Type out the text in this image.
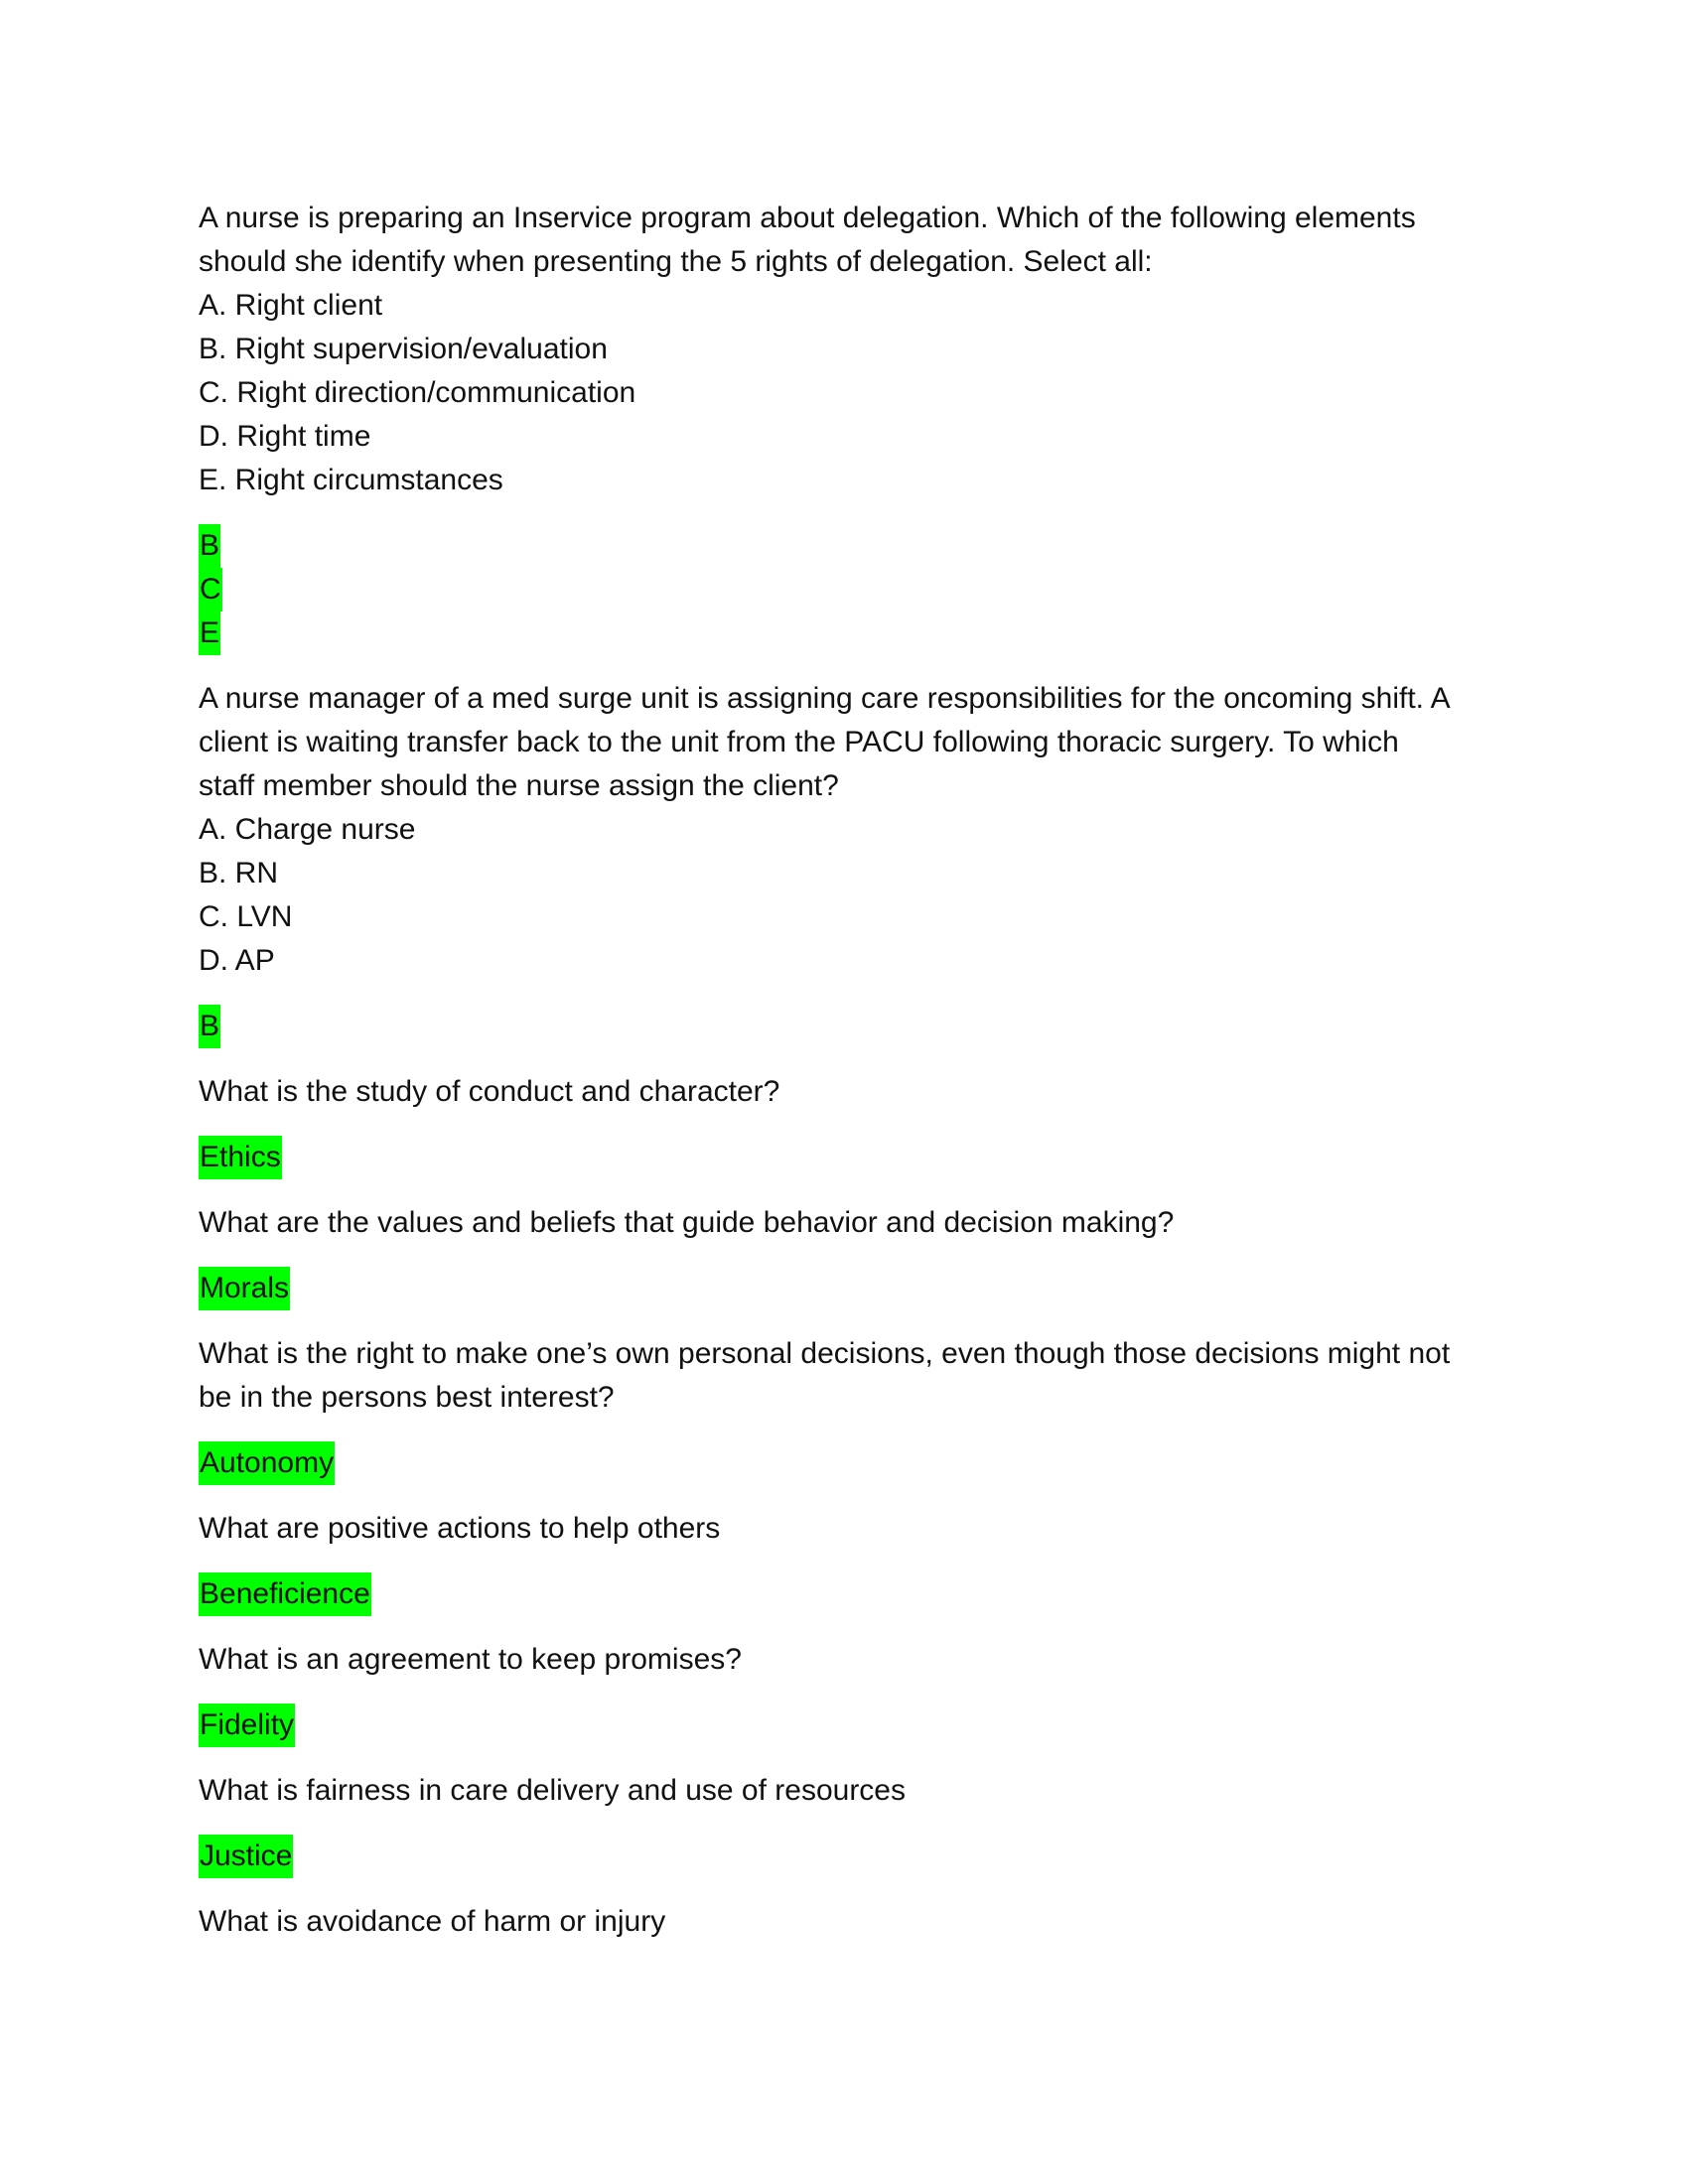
A nurse is preparing an Inservice program about delegation. Which of the following elements
should she identify when presenting the 5 rights of delegation. Select all:
A. Right client
B. Right supervision/evaluation
C. Right direction/communication
D. Right time
E. Right circumstances
B
C
E
A nurse manager of a med surge unit is assigning care responsibilities for the oncoming shift. A
client is waiting transfer back to the unit from the PACU following thoracic surgery. To which
staff member should the nurse assign the client?
A. Charge nurse
B. RN
C. LVN
D. AP
B
What is the study of conduct and character?
Ethics
What are the values and beliefs that guide behavior and decision making?
Morals
What is the right to make one’s own personal decisions, even though those decisions might not
be in the persons best interest?
Autonomy
What are positive actions to help others
Beneficience
What is an agreement to keep promises?
Fidelity
What is fairness in care delivery and use of resources
Justice
What is avoidance of harm or injury
